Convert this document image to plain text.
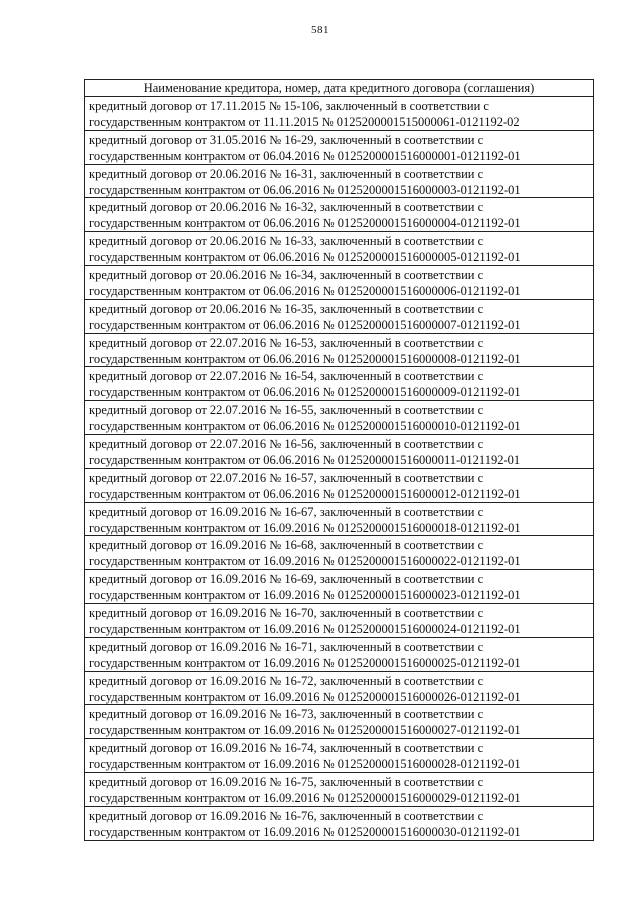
581
Наименование кредитора, номер, дата кредитного договора (соглашения)
кредитный договор от 17.11.2015 № 15-106, заключенный в соответствии с
государственным контрактом от 11.11.2015 № 0125200001515000061-0121192-02
кредитный договор от 31.05.2016 № 16-29, заключенный в соответствии с
государственным контрактом от 06.04.2016 № 0125200001516000001-0121192-01
кредитный договор от 20.06.2016 № 16-31, заключенный в соответствии с
государственным контрактом от 06.06.2016 № 0125200001516000003-0121192-01
кредитный договор от 20.06.2016 № 16-32, заключенный в соответствии с
государственным контрактом от 06.06.2016 № 0125200001516000004-0121192-01
кредитный договор от 20.06.2016 № 16-33, заключенный в соответствии с
государственным контрактом от 06.06.2016 № 0125200001516000005-0121192-01
кредитный договор от 20.06.2016 № 16-34, заключенный в соответствии с
государственным контрактом от 06.06.2016 № 0125200001516000006-0121192-01
кредитный договор от 20.06.2016 № 16-35, заключенный в соответствии с
государственным контрактом от 06.06.2016 № 0125200001516000007-0121192-01
кредитный договор от 22.07.2016 № 16-53, заключенный в соответствии с
государственным контрактом от 06.06.2016 № 0125200001516000008-0121192-01
кредитный договор от 22.07.2016 № 16-54, заключенный в соответствии с
государственным контрактом от 06.06.2016 № 0125200001516000009-0121192-01
кредитный договор от 22.07.2016 № 16-55, заключенный в соответствии с
государственным контрактом от 06.06.2016 № 0125200001516000010-0121192-01
кредитный договор от 22.07.2016 № 16-56, заключенный в соответствии с
государственным контрактом от 06.06.2016 № 0125200001516000011-0121192-01
кредитный договор от 22.07.2016 № 16-57, заключенный в соответствии с
государственным контрактом от 06.06.2016 № 0125200001516000012-0121192-01
кредитный договор от 16.09.2016 № 16-67, заключенный в соответствии с
государственным контрактом от 16.09.2016 № 0125200001516000018-0121192-01
кредитный договор от 16.09.2016 № 16-68, заключенный в соответствии с
государственным контрактом от 16.09.2016 № 0125200001516000022-0121192-01
кредитный договор от 16.09.2016 № 16-69, заключенный в соответствии с
государственным контрактом от 16.09.2016 № 0125200001516000023-0121192-01
кредитный договор от 16.09.2016 № 16-70, заключенный в соответствии с
государственным контрактом от 16.09.2016 № 0125200001516000024-0121192-01
кредитный договор от 16.09.2016 № 16-71, заключенный в соответствии с
государственным контрактом от 16.09.2016 № 0125200001516000025-0121192-01
кредитный договор от 16.09.2016 № 16-72, заключенный в соответствии с
государственным контрактом от 16.09.2016 № 0125200001516000026-0121192-01
кредитный договор от 16.09.2016 № 16-73, заключенный в соответствии с
государственным контрактом от 16.09.2016 № 0125200001516000027-0121192-01
кредитный договор от 16.09.2016 № 16-74, заключенный в соответствии с
государственным контрактом от 16.09.2016 № 0125200001516000028-0121192-01
кредитный договор от 16.09.2016 № 16-75, заключенный в соответствии с
государственным контрактом от 16.09.2016 № 0125200001516000029-0121192-01
кредитный договор от 16.09.2016 № 16-76, заключенный в соответствии с
государственным контрактом от 16.09.2016 № 0125200001516000030-0121192-01
